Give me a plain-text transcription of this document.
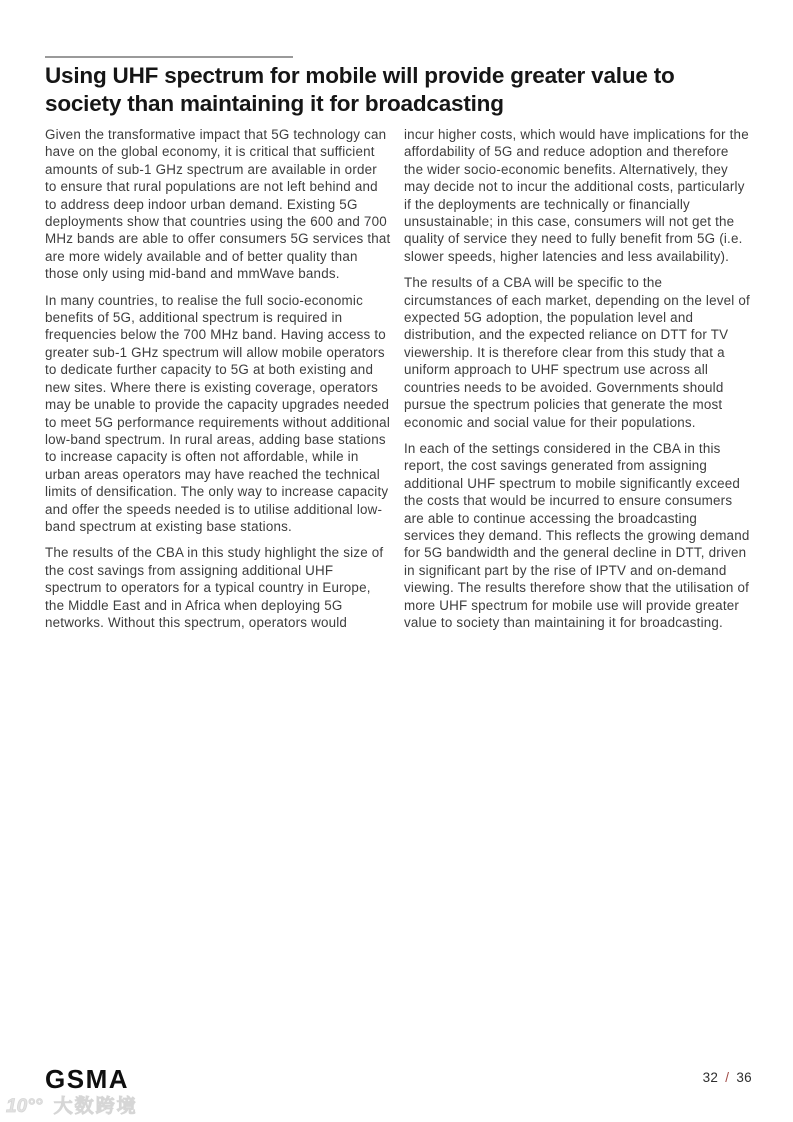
Using UHF spectrum for mobile will provide greater value to
society than maintaining it for broadcasting

Given the transformative impact that 5G technology can have on the global economy, it is critical that sufficient amounts of sub-1 GHz spectrum are available in order to ensure that rural populations are not left behind and to address deep indoor urban demand. Existing 5G deployments show that countries using the 600 and 700 MHz bands are able to offer consumers 5G services that are more widely available and of better quality than those only using mid-band and mmWave bands.

In many countries, to realise the full socio-economic benefits of 5G, additional spectrum is required in frequencies below the 700 MHz band. Having access to greater sub-1 GHz spectrum will allow mobile operators to dedicate further capacity to 5G at both existing and new sites. Where there is existing coverage, operators may be unable to provide the capacity upgrades needed to meet 5G performance requirements without additional low-band spectrum. In rural areas, adding base stations to increase capacity is often not affordable, while in urban areas operators may have reached the technical limits of densification. The only way to increase capacity and offer the speeds needed is to utilise additional low-band spectrum at existing base stations.

The results of the CBA in this study highlight the size of the cost savings from assigning additional UHF spectrum to operators for a typical country in Europe, the Middle East and in Africa when deploying 5G networks. Without this spectrum, operators would

incur higher costs, which would have implications for the affordability of 5G and reduce adoption and therefore the wider socio-economic benefits. Alternatively, they may decide not to incur the additional costs, particularly if the deployments are technically or financially unsustainable; in this case, consumers will not get the quality of service they need to fully benefit from 5G (i.e. slower speeds, higher latencies and less availability).

The results of a CBA will be specific to the circumstances of each market, depending on the level of expected 5G adoption, the population level and distribution, and the expected reliance on DTT for TV viewership. It is therefore clear from this study that a uniform approach to UHF spectrum use across all countries needs to be avoided. Governments should pursue the spectrum policies that generate the most economic and social value for their populations.

In each of the settings considered in the CBA in this report, the cost savings generated from assigning additional UHF spectrum to mobile significantly exceed the costs that would be incurred to ensure consumers are able to continue accessing the broadcasting services they demand. This reflects the growing demand for 5G bandwidth and the general decline in DTT, driven in significant part by the rise of IPTV and on-demand viewing. The results therefore show that the utilisation of more UHF spectrum for mobile use will provide greater value to society than maintaining it for broadcasting.

GSMA	32 / 36
10°° 大数跨境
